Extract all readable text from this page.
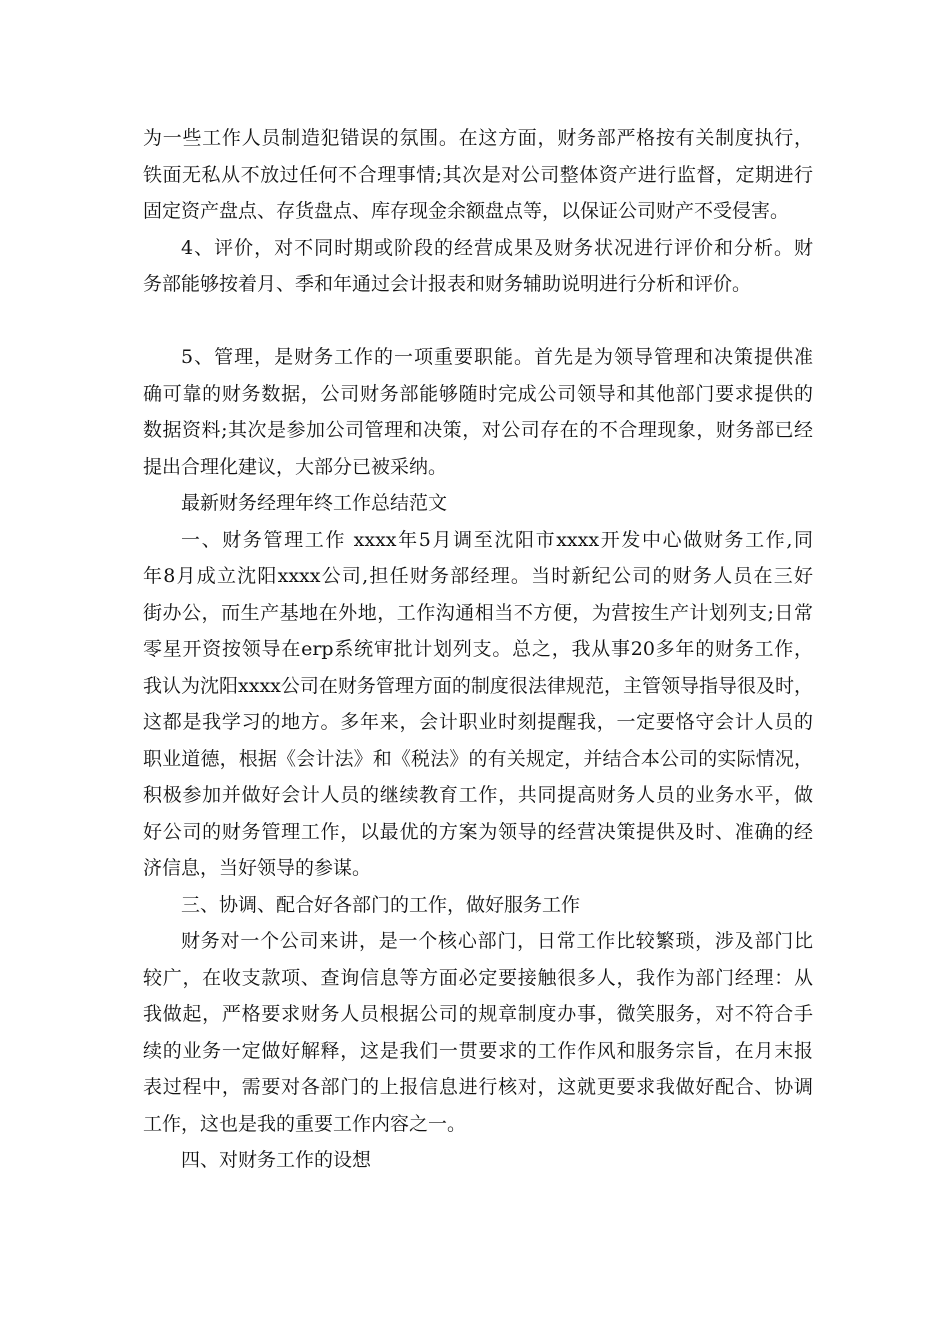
为一些工作人员制造犯错误的氛围。在这方面，财务部严格按有关制度执行，
铁面无私从不放过任何不合理事情;其次是对公司整体资产进行监督，定期进行
固定资产盘点、存货盘点、库存现金余额盘点等，以保证公司财产不受侵害。

4、评价，对不同时期或阶段的经营成果及财务状况进行评价和分析。财
务部能够按着月、季和年通过会计报表和财务辅助说明进行分析和评价。

5、管理，是财务工作的一项重要职能。首先是为领导管理和决策提供准
确可靠的财务数据，公司财务部能够随时完成公司领导和其他部门要求提供的
数据资料;其次是参加公司管理和决策，对公司存在的不合理现象，财务部已经
提出合理化建议，大部分已被采纳。

最新财务经理年终工作总结范文

一、财务管理工作 xxxx年5月调至沈阳市xxxx开发中心做财务工作,同
年8月成立沈阳xxxx公司,担任财务部经理。当时新纪公司的财务人员在三好
街办公，而生产基地在外地，工作沟通相当不方便，为营按生产计划列支;日常
零星开资按领导在erp系统审批计划列支。总之，我从事20多年的财务工作，
我认为沈阳xxxx公司在财务管理方面的制度很法律规范，主管领导指导很及时，
这都是我学习的地方。多年来，会计职业时刻提醒我，一定要恪守会计人员的
职业道德，根据《会计法》和《税法》的有关规定，并结合本公司的实际情况，
积极参加并做好会计人员的继续教育工作，共同提高财务人员的业务水平，做
好公司的财务管理工作，以最优的方案为领导的经营决策提供及时、准确的经
济信息，当好领导的参谋。

三、协调、配合好各部门的工作，做好服务工作

财务对一个公司来讲，是一个核心部门，日常工作比较繁琐，涉及部门比
较广，在收支款项、查询信息等方面必定要接触很多人，我作为部门经理：从
我做起，严格要求财务人员根据公司的规章制度办事，微笑服务，对不符合手
续的业务一定做好解释，这是我们一贯要求的工作作风和服务宗旨，在月末报
表过程中，需要对各部门的上报信息进行核对，这就更要求我做好配合、协调
工作，这也是我的重要工作内容之一。

四、对财务工作的设想
